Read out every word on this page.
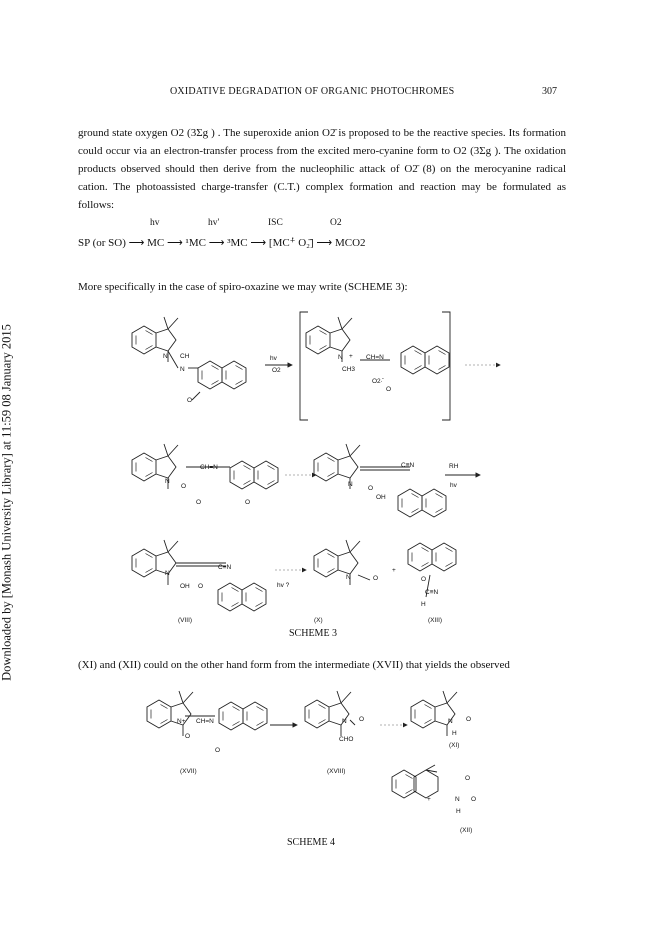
Downloaded by [Monash University Library] at 11:59 08 January 2015
OXIDATIVE DEGRADATION OF ORGANIC PHOTOCHROMES	307
ground state oxygen O2 (3Σg ) . The superoxide anion O2̄ is proposed to be the reactive species. Its formation could occur via an electron-transfer process from the excited mero-cyanine form to O2 (3Σg ). The oxidation products observed should then derive from the nucleophilic attack of O2̄ (8) on the merocyanine radical cation. The photoassisted charge-transfer (C.T.) complex formation and reaction may be formulated as follows:
hv	hv'	ISC	O2
SP (or SO) ⟶ MC ⟶ ¹MC ⟶ ³MC ⟶ [MC⁺̇ O₂̄] ⟶ MCO2
More specifically in the case of spiro-oxazine we may write (SCHEME 3):
N CH
N
O
hv
O2
N + CH=N
CH3
O2·̄
O
N
CH=N
O
O	O
N
C≡N
O
OH
RH
hv
N
C≡N
OH O	hv ?
N	O
+
O
C≡N
H
(VIII)	(X)	(XIII)
SCHEME 3
(XI) and (XII) could on the other hand form from the intermediate (XVII) that yields the observed
N+ CH=N
O
O
N O
CHO
N O
H
+
O
N O
H
(XVII)	(XVIII)
(XI)
(XII)
SCHEME 4
